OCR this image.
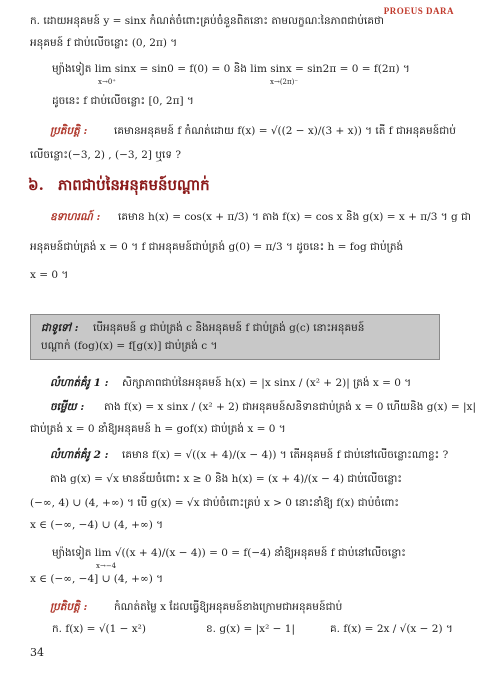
PROEUS DARA
ក. ដោយអនុគមន៍ y = sinx កំណត់ចំពោះគ្រប់ចំនួនពិតនោះ តាមលក្ខណៈនៃភាពជាប់គេថា
អនុគមន៍ f ជាប់លើចន្លោះ (0, 2π) ។
ម្យ៉ាងទៀត lim sinx = sin0 = f(0) = 0 និង lim sinx = sin2π = 0 = f(2π) ។
x→0⁺	x→(2π)⁻
ដូចនេះ f ជាប់លើចន្លោះ [0, 2π] ។
ប្រតិបត្តិ :	គេមានអនុគមន៍ f កំណត់ដោយ f(x) = √((2 − x)/(3 + x)) ។ តើ f ជាអនុគមន៍ជាប់
លើចន្លោះ(−3, 2) , (−3, 2] ឬទេ ?
៦. ភាពជាប់នៃអនុគមន៍បណ្តាក់
ឧទាហរណ៍ : គេមាន h(x) = cos(x + π/3) ។ តាង f(x) = cos x និង g(x) = x + π/3 ។ g ជា
អនុគមន៍ជាប់ត្រង់ x = 0 ។ f ជាអនុគមន៍ជាប់ត្រង់ g(0) = π/3 ។ ដូចនេះ h = fog ជាប់ត្រង់
x = 0 ។
ជាទូទៅ : បើអនុគមន៍ g ជាប់ត្រង់ c និងអនុគមន៍ f ជាប់ត្រង់ g(c) នោះអនុគមន៍
បណ្តាក់ (fog)(x) = f[g(x)] ជាប់ត្រង់ c ។
លំហាត់គំរូ 1 : សិក្សាភាពជាប់នៃអនុគមន៍ h(x) = |x sinx / (x² + 2)| ត្រង់ x = 0 ។
ចម្លើយ : តាង f(x) = x sinx / (x² + 2) ជាអនុគមន៍សនិទានជាប់ត្រង់ x = 0 ហើយនិង g(x) = |x|
ជាប់ត្រង់ x = 0 នាំឱ្យអនុគមន៍ h = gof(x) ជាប់ត្រង់ x = 0 ។
លំហាត់គំរូ 2 : គេមាន f(x) = √((x + 4)/(x − 4)) ។ តើអនុគមន៍ f ជាប់នៅលើចន្លោះណាខ្លះ ?
តាង g(x) = √x មានន័យចំពោះ x ≥ 0 និង h(x) = (x + 4)/(x − 4) ជាប់លើចន្លោះ
(−∞, 4) ∪ (4, +∞) ។ បើ g(x) = √x ជាប់ចំពោះគ្រប់ x > 0 នោះនាំឱ្យ f(x) ជាប់ចំពោះ
x ∈ (−∞, −4) ∪ (4, +∞) ។
ម្យ៉ាងទៀត lim √((x + 4)/(x − 4)) = 0 = f(−4) នាំឱ្យអនុគមន៍ f ជាប់នៅលើចន្លោះ
x→−4
x ∈ (−∞, −4] ∪ (4, +∞) ។
ប្រតិបត្តិ :	កំណត់តម្លៃ x ដែលធ្វើឱ្យអនុគមន៍ខាងក្រោមជាអនុគមន៍ជាប់
ក. f(x) = √(1 − x²)	ខ. g(x) = |x² − 1|	គ. f(x) = 2x / √(x − 2) ។
34
